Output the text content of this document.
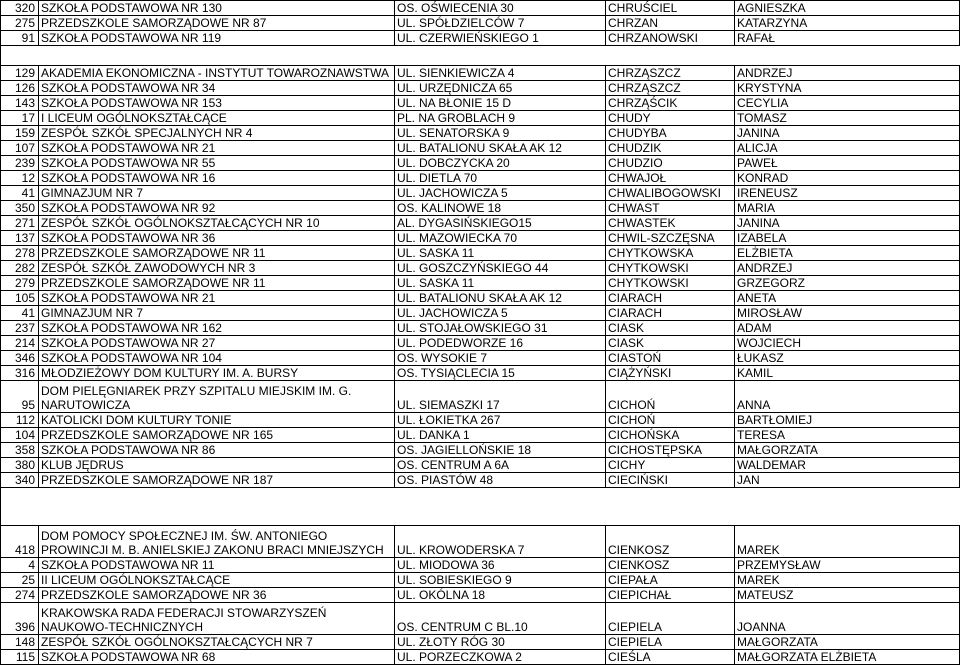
320	SZKOŁA PODSTAWOWA NR 130	OS. OŚWIECENIA 30	CHRUŚCIEL	AGNIESZKA
275	PRZEDSZKOLE SAMORZĄDOWE NR 87	UL. SPÓŁDZIELCÓW 7	CHRZAN	KATARZYNA
91	SZKOŁA PODSTAWOWA NR 119	UL. CZERWIEŃSKIEGO 1	CHRZANOWSKI	RAFAŁ

129	AKADEMIA EKONOMICZNA - INSTYTUT TOWAROZNAWSTWA	UL. SIENKIEWICZA 4	CHRZĄSZCZ	ANDRZEJ
126	SZKOŁA PODSTAWOWA NR 34	UL. URZĘDNICZA 65	CHRZĄSZCZ	KRYSTYNA
143	SZKOŁA PODSTAWOWA NR 153	UL. NA BŁONIE 15 D	CHRZĄŚCIK	CECYLIA
17	I LICEUM OGÓLNOKSZTAŁCĄCE	PL. NA GROBLACH 9	CHUDY	TOMASZ
159	ZESPÓŁ SZKÓŁ SPECJALNYCH NR 4	UL. SENATORSKA 9	CHUDYBA	JANINA
107	SZKOŁA PODSTAWOWA NR 21	UL. BATALIONU SKAŁA AK 12	CHUDZIK	ALICJA
239	SZKOŁA PODSTAWOWA NR 55	UL. DOBCZYCKA 20	CHUDZIO	PAWEŁ
12	SZKOŁA PODSTAWOWA NR 16	UL. DIETLA 70	CHWAJOŁ	KONRAD
41	GIMNAZJUM NR 7	UL. JACHOWICZA 5	CHWALIBOGOWSKI	IRENEUSZ
350	SZKOŁA PODSTAWOWA NR 92	OS. KALINOWE 18	CHWAST	MARIA
271	ZESPÓŁ SZKÓŁ OGÓLNOKSZTAŁCĄCYCH NR 10	AL. DYGASIŃSKIEGO15	CHWASTEK	JANINA
137	SZKOŁA PODSTAWOWA NR 36	UL. MAZOWIECKA 70	CHWIL-SZCZĘSNA	IZABELA
278	PRZEDSZKOLE SAMORZĄDOWE NR 11	UL. SASKA 11	CHYTKOWSKA	ELŻBIETA
282	ZESPÓŁ SZKÓŁ ZAWODOWYCH NR 3	UL. GOSZCZYŃSKIEGO 44	CHYTKOWSKI	ANDRZEJ
279	PRZEDSZKOLE SAMORZĄDOWE NR 11	UL. SASKA 11	CHYTKOWSKI	GRZEGORZ
105	SZKOŁA PODSTAWOWA NR 21	UL. BATALIONU SKAŁA AK 12	CIARACH	ANETA
41	GIMNAZJUM NR 7	UL. JACHOWICZA 5	CIARACH	MIROSŁAW
237	SZKOŁA PODSTAWOWA NR 162	UL. STOJAŁOWSKIEGO 31	CIASK	ADAM
214	SZKOŁA PODSTAWOWA NR 27	UL. PODEDWORZE 16	CIASK	WOJCIECH
346	SZKOŁA PODSTAWOWA NR 104	OS. WYSOKIE 7	CIASTOŃ	ŁUKASZ
316	MŁODZIEŻOWY DOM KULTURY IM. A. BURSY	OS. TYSIĄCLECIA 15	CIĄŻYŃSKI	KAMIL
95	DOM PIELĘGNIAREK PRZY SZPITALU MIEJSKIM IM. G. NARUTOWICZA	UL. SIEMASZKI 17	CICHOŃ	ANNA
112	KATOLICKI DOM KULTURY TONIE	UL. ŁOKIETKA 267	CICHOŃ	BARTŁOMIEJ
104	PRZEDSZKOLE SAMORZĄDOWE NR 165	UL. DANKA 1	CICHOŃSKA	TERESA
358	SZKOŁA PODSTAWOWA NR 86	OS. JAGIELLOŃSKIE 18	CICHOSTĘPSKA	MAŁGORZATA
380	KLUB JĘDRUS	OS. CENTRUM A 6A	CICHY	WALDEMAR
340	PRZEDSZKOLE SAMORZĄDOWE NR 187	OS. PIASTÓW 48	CIECIŃSKI	JAN

418	DOM POMOCY SPOŁECZNEJ IM. ŚW. ANTONIEGO PROWINCJI M. B. ANIELSKIEJ ZAKONU BRACI MNIEJSZYCH	UL. KROWODERSKA 7	CIENKOSZ	MAREK
4	SZKOŁA PODSTAWOWA NR 11	UL. MIODOWA 36	CIENKOSZ	PRZEMYSŁAW
25	II LICEUM OGÓLNOKSZTAŁCĄCE	UL. SOBIESKIEGO 9	CIEPAŁA	MAREK
274	PRZEDSZKOLE SAMORZĄDOWE NR 36	UL. OKÓLNA 18	CIEPICHAŁ	MATEUSZ
396	KRAKOWSKA RADA FEDERACJI STOWARZYSZEŃ NAUKOWO-TECHNICZNYCH	OS. CENTRUM C BL.10	CIEPIELA	JOANNA
148	ZESPÓŁ SZKÓŁ OGÓLNOKSZTAŁCĄCYCH NR 7	UL. ZŁOTY RÓG 30	CIEPIELA	MAŁGORZATA
115	SZKOŁA PODSTAWOWA NR 68	UL. PORZECZKOWA 2	CIEŚLA	MAŁGORZATA ELŻBIETA
